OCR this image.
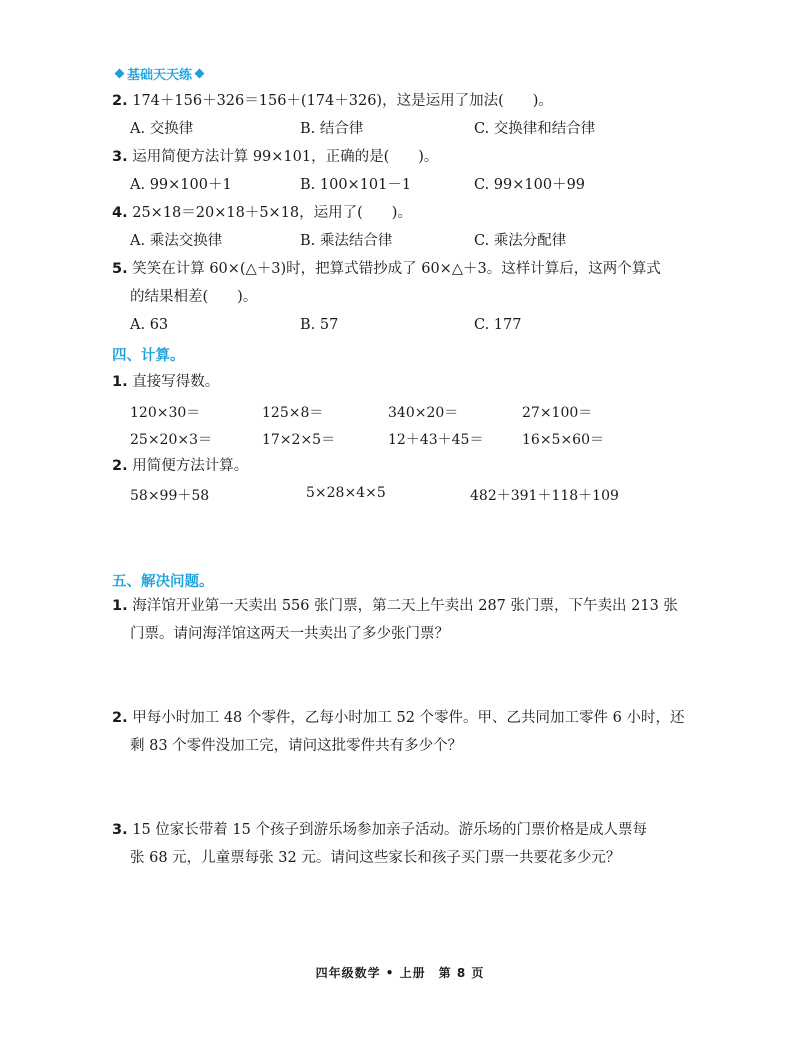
基础天天练
2. 174＋156＋326＝156＋(174＋326)，这是运用了加法(　　)。
A. 交换律	B. 结合律	C. 交换律和结合律
3. 运用简便方法计算 99×101，正确的是(　　)。
A. 99×100＋1	B. 100×101－1	C. 99×100＋99
4. 25×18＝20×18＋5×18，运用了(　　)。
A. 乘法交换律	B. 乘法结合律	C. 乘法分配律
5. 笑笑在计算 60×(△＋3)时，把算式错抄成了 60×△＋3。这样计算后，这两个算式
的结果相差(　　)。
A. 63	B. 57	C. 177
四、计算。
1. 直接写得数。
120×30＝	125×8＝	340×20＝	27×100＝
25×20×3＝	17×2×5＝	12＋43＋45＝	16×5×60＝
2. 用简便方法计算。
58×99＋58	5×28×4×5	482＋391＋118＋109
五、解决问题。
1. 海洋馆开业第一天卖出 556 张门票，第二天上午卖出 287 张门票，下午卖出 213 张
门票。请问海洋馆这两天一共卖出了多少张门票？
2. 甲每小时加工 48 个零件，乙每小时加工 52 个零件。甲、乙共同加工零件 6 小时，还
剩 83 个零件没加工完，请问这批零件共有多少个？
3. 15 位家长带着 15 个孩子到游乐场参加亲子活动。游乐场的门票价格是成人票每
张 68 元，儿童票每张 32 元。请问这些家长和孩子买门票一共要花多少元？
四年级数学 • 上册　第 8 页
